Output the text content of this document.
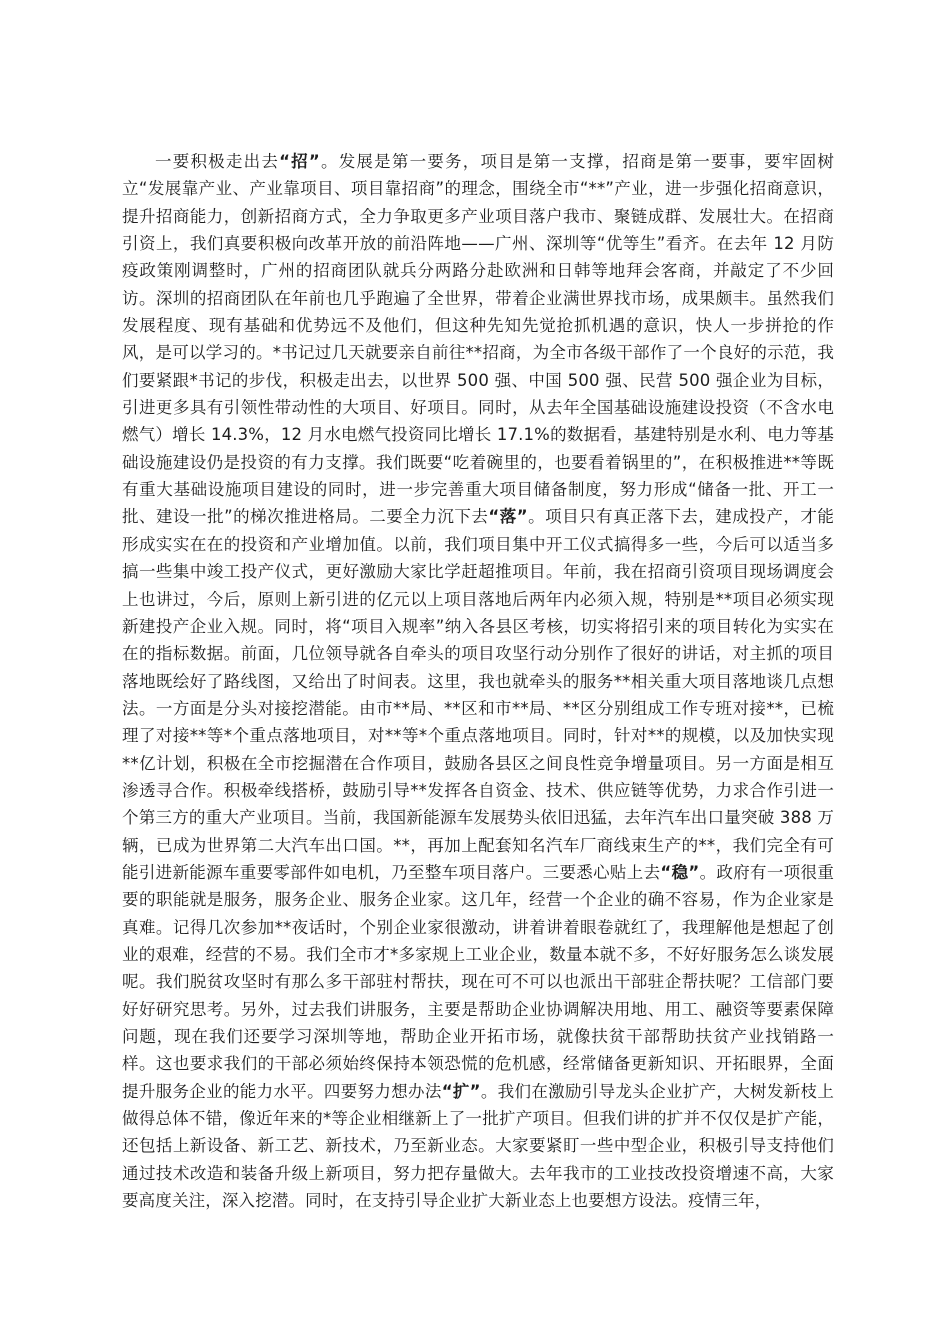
一要积极走出去“招”。发展是第一要务，项目是第一支撑，招商是第一要事，要牢固树立“发展靠产业、产业靠项目、项目靠招商”的理念，围绕全市“**”产业，进一步强化招商意识，提升招商能力，创新招商方式，全力争取更多产业项目落户我市、聚链成群、发展壮大。在招商引资上，我们真要积极向改革开放的前沿阵地——广州、深圳等“优等生”看齐。在去年 12 月防疫政策刚调整时，广州的招商团队就兵分两路分赴欧洲和日韩等地拜会客商，并敲定了不少回访。深圳的招商团队在年前也几乎跑遍了全世界，带着企业满世界找市场，成果颇丰。虽然我们发展程度、现有基础和优势远不及他们，但这种先知先觉抢抓机遇的意识，快人一步拼抢的作风，是可以学习的。*书记过几天就要亲自前往**招商，为全市各级干部作了一个良好的示范，我们要紧跟*书记的步伐，积极走出去，以世界 500 强、中国 500 强、民营 500 强企业为目标，引进更多具有引领性带动性的大项目、好项目。同时，从去年全国基础设施建设投资（不含水电燃气）增长 14.3%，12 月水电燃气投资同比增长 17.1%的数据看，基建特别是水利、电力等基础设施建设仍是投资的有力支撑。我们既要“吃着碗里的，也要看着锅里的”，在积极推进**等既有重大基础设施项目建设的同时，进一步完善重大项目储备制度，努力形成“储备一批、开工一批、建设一批”的梯次推进格局。二要全力沉下去“落”。项目只有真正落下去，建成投产，才能形成实实在在的投资和产业增加值。以前，我们项目集中开工仪式搞得多一些，今后可以适当多搞一些集中竣工投产仪式，更好激励大家比学赶超推项目。年前，我在招商引资项目现场调度会上也讲过，今后，原则上新引进的亿元以上项目落地后两年内必须入规，特别是**项目必须实现新建投产企业入规。同时，将“项目入规率”纳入各县区考核，切实将招引来的项目转化为实实在在的指标数据。前面，几位领导就各自牵头的项目攻坚行动分别作了很好的讲话，对主抓的项目落地既绘好了路线图，又给出了时间表。这里，我也就牵头的服务**相关重大项目落地谈几点想法。一方面是分头对接挖潜能。由市**局、**区和市**局、**区分别组成工作专班对接**，已梳理了对接**等*个重点落地项目，对**等*个重点落地项目。同时，针对**的规模，以及加快实现**亿计划，积极在全市挖掘潜在合作项目，鼓励各县区之间良性竞争增量项目。另一方面是相互渗透寻合作。积极牵线搭桥，鼓励引导**发挥各自资金、技术、供应链等优势，力求合作引进一个第三方的重大产业项目。当前，我国新能源车发展势头依旧迅猛，去年汽车出口量突破 388 万辆，已成为世界第二大汽车出口国。**，再加上配套知名汽车厂商线束生产的**，我们完全有可能引进新能源车重要零部件如电机，乃至整车项目落户。三要悉心贴上去“稳”。政府有一项很重要的职能就是服务，服务企业、服务企业家。这几年，经营一个企业的确不容易，作为企业家是真难。记得几次参加**夜话时，个别企业家很激动，讲着讲着眼卷就红了，我理解他是想起了创业的艰难，经营的不易。我们全市才*多家规上工业企业，数量本就不多，不好好服务怎么谈发展呢。我们脱贫攻坚时有那么多干部驻村帮扶，现在可不可以也派出干部驻企帮扶呢？工信部门要好好研究思考。另外，过去我们讲服务，主要是帮助企业协调解决用地、用工、融资等要素保障问题，现在我们还要学习深圳等地，帮助企业开拓市场，就像扶贫干部帮助扶贫产业找销路一样。这也要求我们的干部必须始终保持本领恐慌的危机感，经常储备更新知识、开拓眼界，全面提升服务企业的能力水平。四要努力想办法“扩”。我们在激励引导龙头企业扩产，大树发新枝上做得总体不错，像近年来的*等企业相继新上了一批扩产项目。但我们讲的扩并不仅仅是扩产能，还包括上新设备、新工艺、新技术，乃至新业态。大家要紧盯一些中型企业，积极引导支持他们通过技术改造和装备升级上新项目，努力把存量做大。去年我市的工业技改投资增速不高，大家要高度关注，深入挖潜。同时，在支持引导企业扩大新业态上也要想方设法。疫情三年，
